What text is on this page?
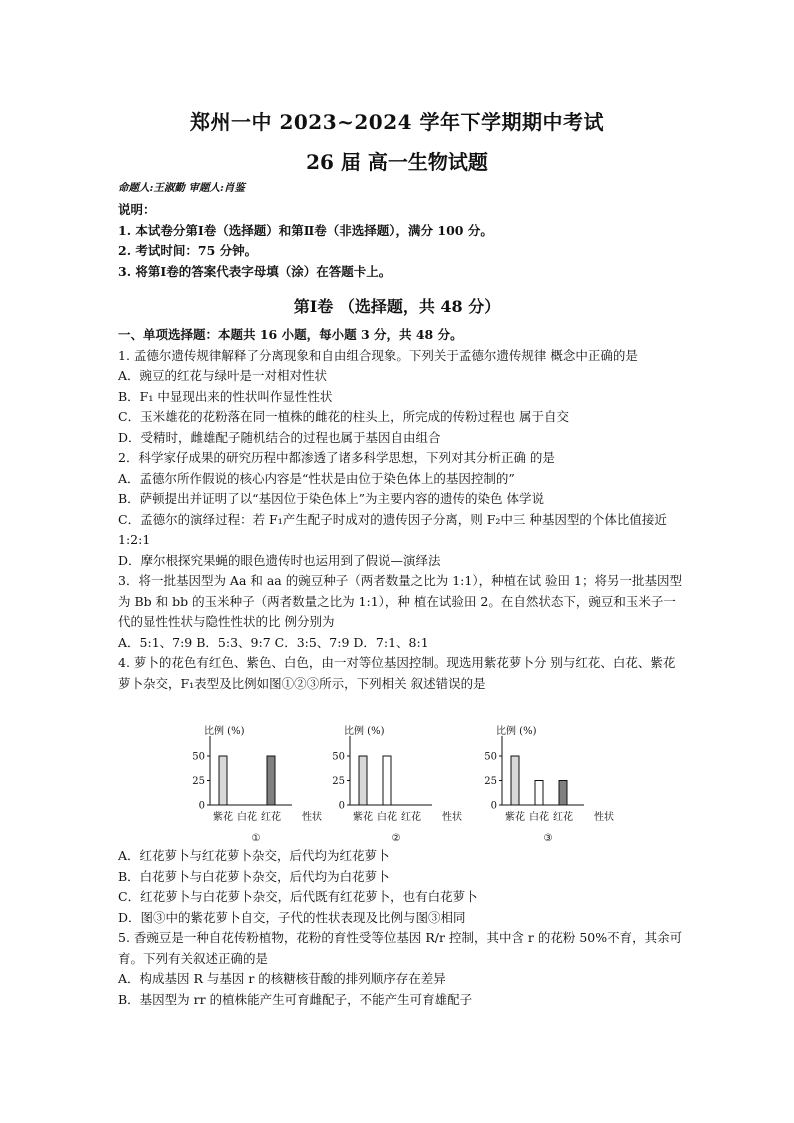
郑州一中 2023~2024 学年下学期期中考试
26 届 高一生物试题
命题人:王淑勤 审题人:肖鉴

说明：

1. 本试卷分第Ⅰ卷（选择题）和第Ⅱ卷（非选择题），满分 100 分。

2. 考试时间：75 分钟。

3. 将第Ⅰ卷的答案代表字母填（涂）在答题卡上。

第Ⅰ卷 （选择题，共 48 分）

一、单项选择题：本题共 16 小题，每小题 3 分，共 48 分。

1. 孟德尔遗传规律解释了分离现象和自由组合现象。下列关于孟德尔遗传规律 概念中正确的是

A．豌豆的红花与绿叶是一对相对性状

B．F₁ 中显现出来的性状叫作显性性状

C．玉米雄花的花粉落在同一植株的雌花的柱头上，所完成的传粉过程也 属于自交

D．受精时，雌雄配子随机结合的过程也属于基因自由组合

2．科学家仔成果的研究历程中都渗透了诸多科学思想，下列对其分析正确 的是

A．孟德尔所作假说的核心内容是“性状是由位于染色体上的基因控制的”

B．萨顿提出并证明了以“基因位于染色体上”为主要内容的遗传的染色 体学说

C．孟德尔的演绎过程：若 F₁产生配子时成对的遗传因子分离，则 F₂中三 种基因型的个体比值接近 1:2:1

D．摩尔根探究果蝇的眼色遗传时也运用到了假说—演绎法

3．将一批基因型为 Aa 和 aa 的豌豆种子（两者数量之比为 1:1），种植在试 验田 1；将另一批基因型为 Bb 和 bb 的玉米种子（两者数量之比为 1:1），种 植在试验田 2。在自然状态下，豌豆和玉米子一代的显性性状与隐性性状的比 例分别为

A．5:1、7:9 B．5:3、9:7 C．3:5、7:9 D．7:1、8:1

4. 萝卜的花色有红色、紫色、白色，由一对等位基因控制。现选用紫花萝卜分 别与红花、白花、紫花萝卜杂交，F₁表型及比例如图①②③所示，下列相关 叙述错误的是

比例 (%)
0
25
50
紫花 白花 红花 性状
①
比例 (%)
0
25
50
紫花 白花 红花 性状
②
比例 (%)
0
25
50
紫花 白花 红花 性状
③

A．红花萝卜与红花萝卜杂交，后代均为红花萝卜

B．白花萝卜与白花萝卜杂交，后代均为白花萝卜

C．红花萝卜与白花萝卜杂交，后代既有红花萝卜，也有白花萝卜

D．图③中的紫花萝卜自交，子代的性状表现及比例与图③相同

5. 香豌豆是一种自花传粉植物，花粉的育性受等位基因 R/r 控制，其中含 r 的花粉 50%不育，其余可育。下列有关叙述正确的是

A．构成基因 R 与基因 r 的核糖核苷酸的排列顺序存在差异

B．基因型为 rr 的植株能产生可育雌配子，不能产生可育雄配子
